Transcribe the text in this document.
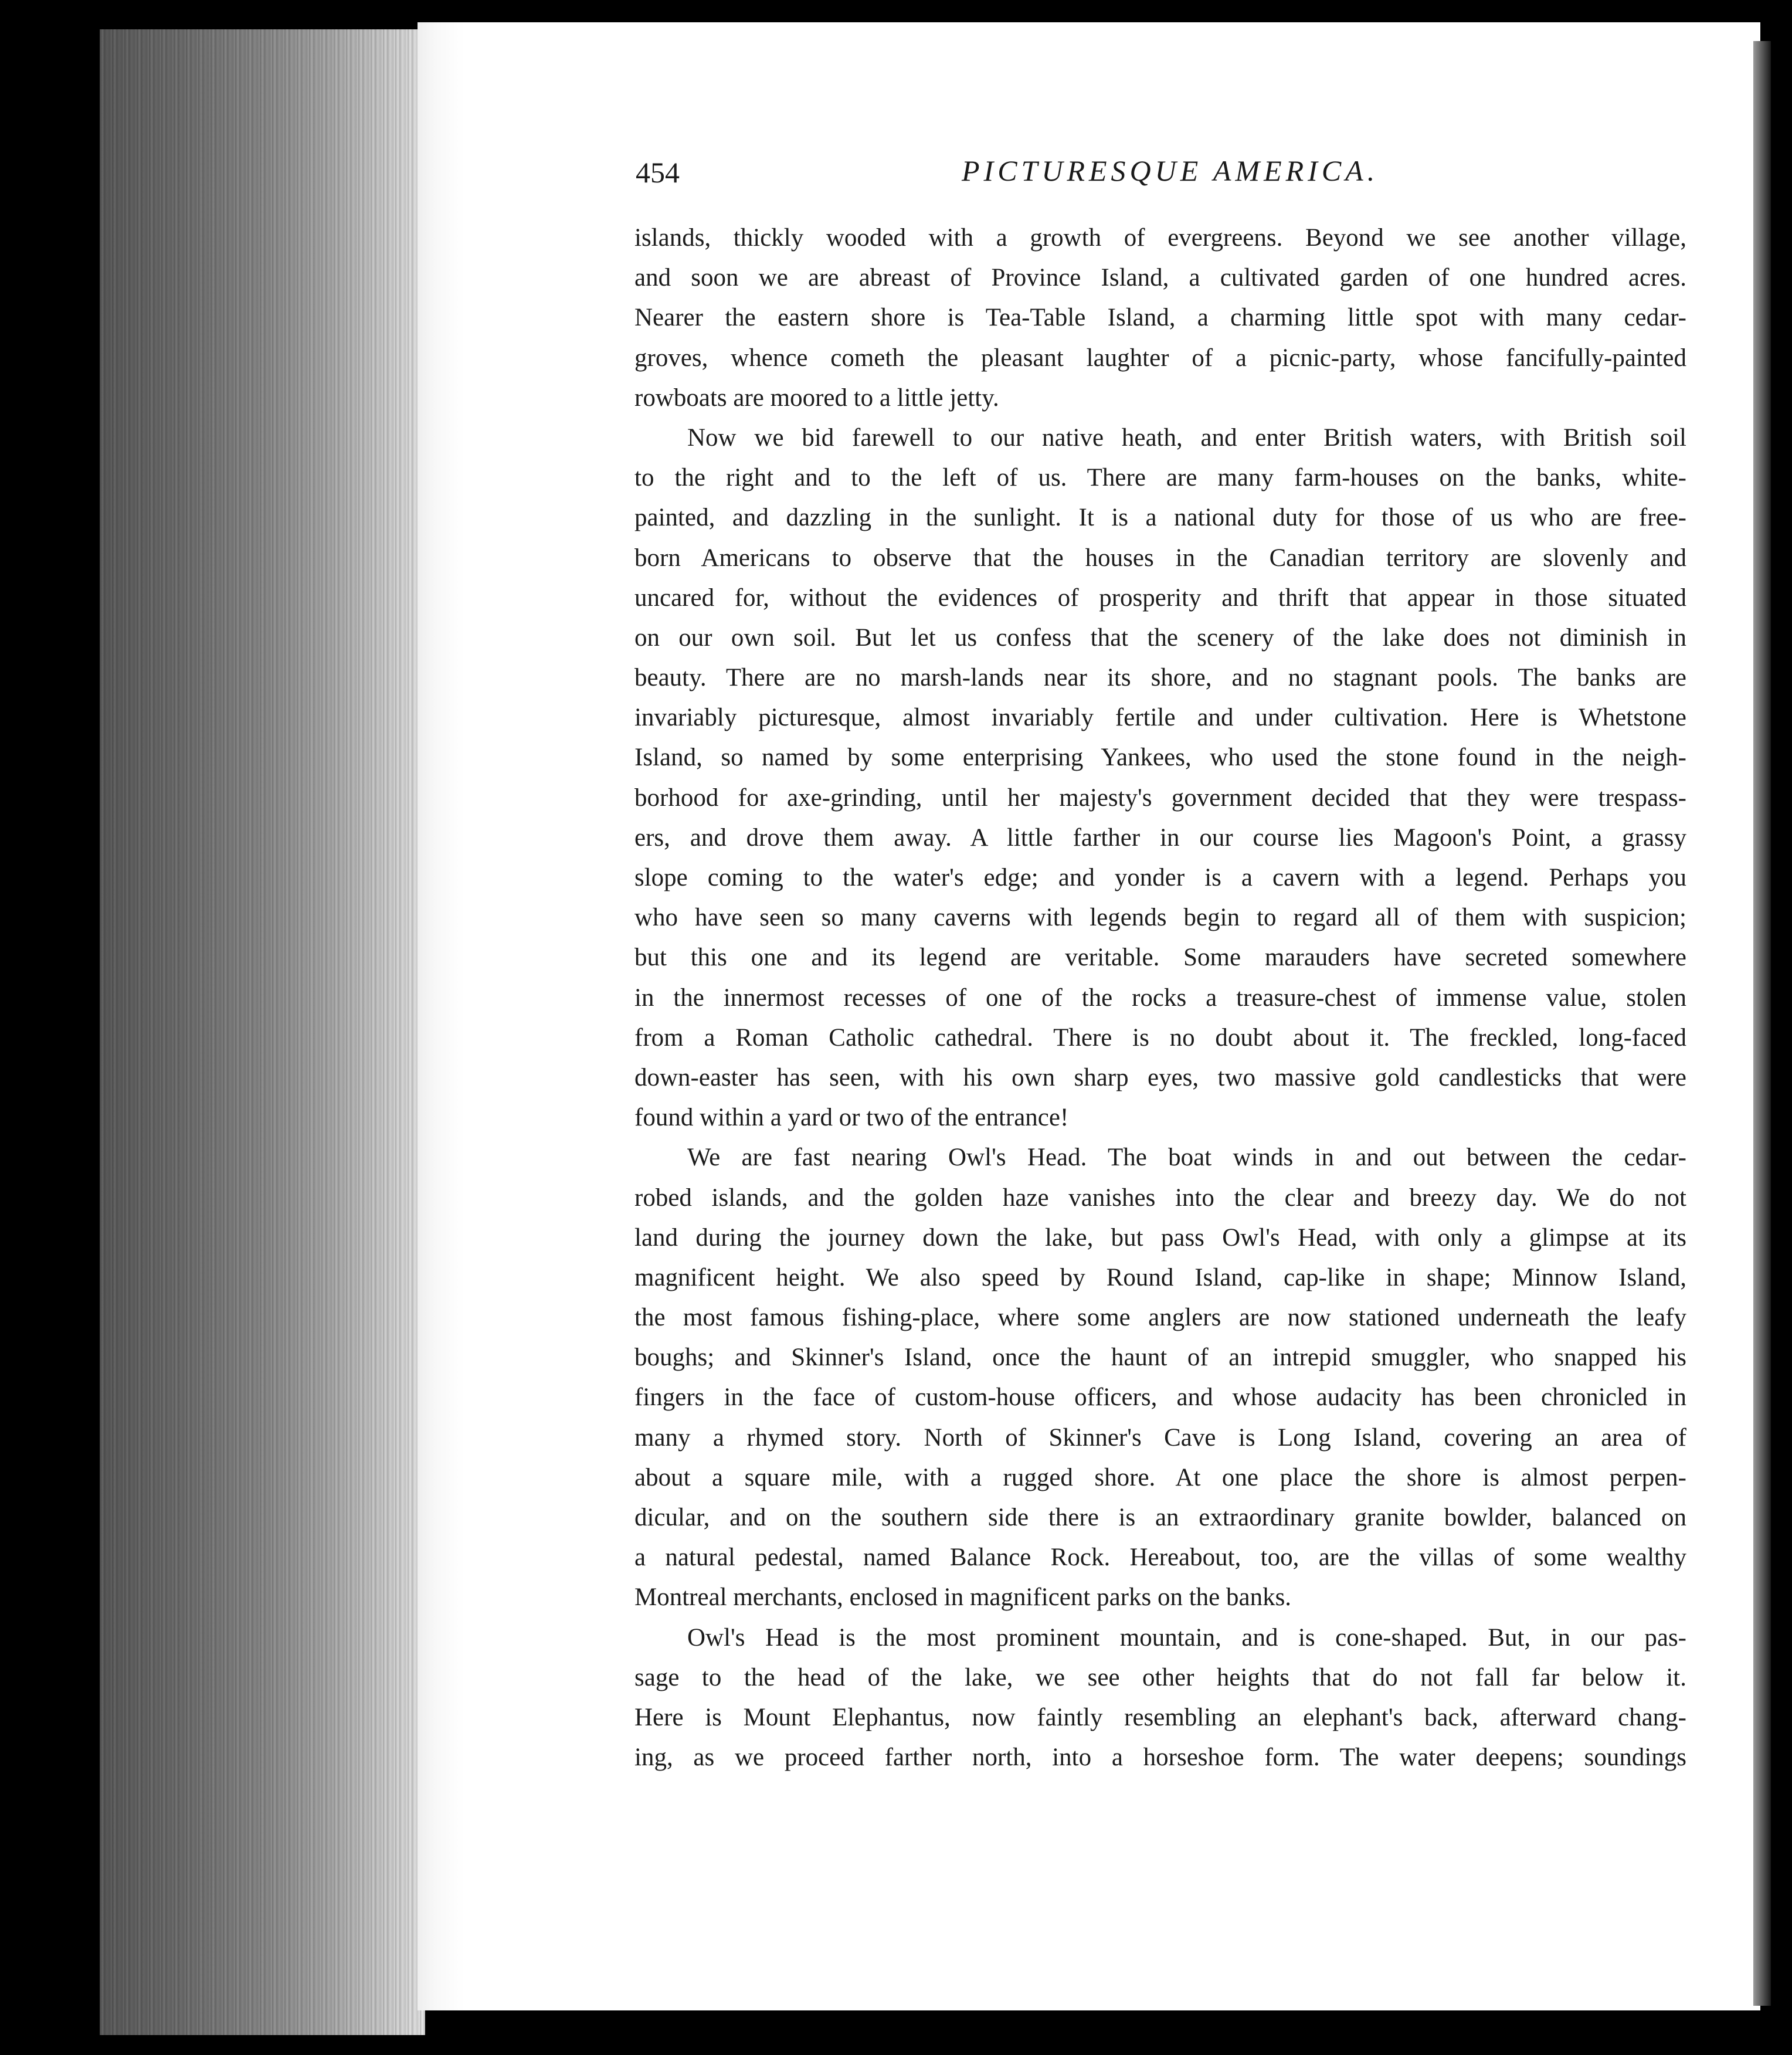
454	PICTURESQUE AMERICA.
islands, thickly wooded with a growth of evergreens. Beyond we see another village,
and soon we are abreast of Province Island, a cultivated garden of one hundred acres.
Nearer the eastern shore is Tea-Table Island, a charming little spot with many cedar-
groves, whence cometh the pleasant laughter of a picnic-party, whose fancifully-painted
rowboats are moored to a little jetty.
Now we bid farewell to our native heath, and enter British waters, with British soil
to the right and to the left of us. There are many farm-houses on the banks, white-
painted, and dazzling in the sunlight. It is a national duty for those of us who are free-
born Americans to observe that the houses in the Canadian territory are slovenly and
uncared for, without the evidences of prosperity and thrift that appear in those situated
on our own soil. But let us confess that the scenery of the lake does not diminish in
beauty. There are no marsh-lands near its shore, and no stagnant pools. The banks are
invariably picturesque, almost invariably fertile and under cultivation. Here is Whetstone
Island, so named by some enterprising Yankees, who used the stone found in the neigh-
borhood for axe-grinding, until her majesty's government decided that they were trespass-
ers, and drove them away. A little farther in our course lies Magoon's Point, a grassy
slope coming to the water's edge; and yonder is a cavern with a legend. Perhaps you
who have seen so many caverns with legends begin to regard all of them with suspicion;
but this one and its legend are veritable. Some marauders have secreted somewhere
in the innermost recesses of one of the rocks a treasure-chest of immense value, stolen
from a Roman Catholic cathedral. There is no doubt about it. The freckled, long-faced
down-easter has seen, with his own sharp eyes, two massive gold candlesticks that were
found within a yard or two of the entrance!
We are fast nearing Owl's Head. The boat winds in and out between the cedar-
robed islands, and the golden haze vanishes into the clear and breezy day. We do not
land during the journey down the lake, but pass Owl's Head, with only a glimpse at its
magnificent height. We also speed by Round Island, cap-like in shape; Minnow Island,
the most famous fishing-place, where some anglers are now stationed underneath the leafy
boughs; and Skinner's Island, once the haunt of an intrepid smuggler, who snapped his
fingers in the face of custom-house officers, and whose audacity has been chronicled in
many a rhymed story. North of Skinner's Cave is Long Island, covering an area of
about a square mile, with a rugged shore. At one place the shore is almost perpen-
dicular, and on the southern side there is an extraordinary granite bowlder, balanced on
a natural pedestal, named Balance Rock. Hereabout, too, are the villas of some wealthy
Montreal merchants, enclosed in magnificent parks on the banks.
Owl's Head is the most prominent mountain, and is cone-shaped. But, in our pas-
sage to the head of the lake, we see other heights that do not fall far below it.
Here is Mount Elephantus, now faintly resembling an elephant's back, afterward chang-
ing, as we proceed farther north, into a horseshoe form. The water deepens; soundings
